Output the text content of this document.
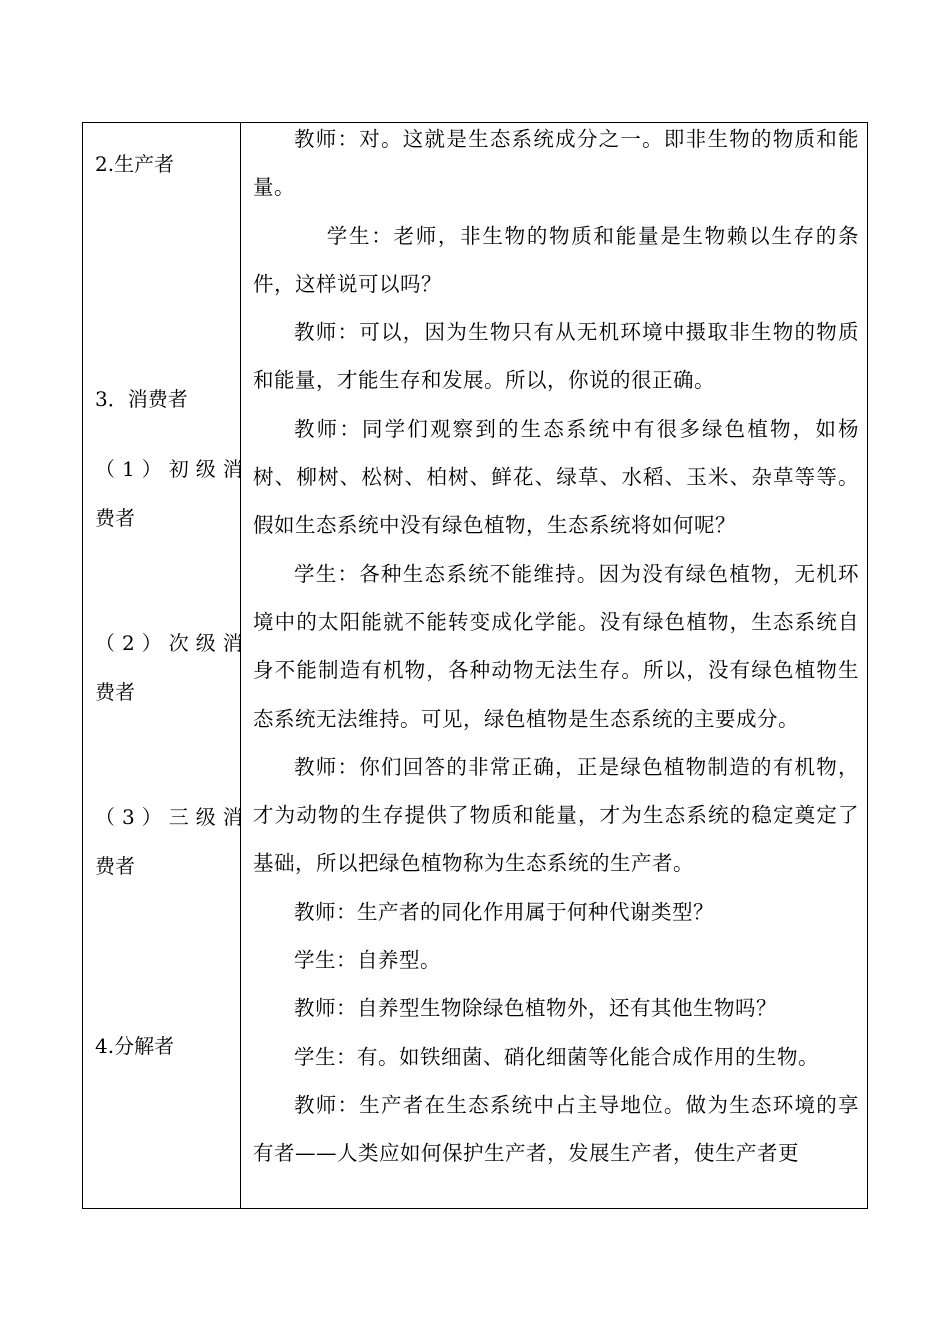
2.生产者
3．消费者
（1）初级消
费者
（2）次级消
费者
（3）三级消
费者
4.分解者

教师：对。这就是生态系统成分之一。即非生物的物质和能量。

学生：老师，非生物的物质和能量是生物赖以生存的条件，这样说可以吗？

教师：可以，因为生物只有从无机环境中摄取非生物的物质和能量，才能生存和发展。所以，你说的很正确。

教师：同学们观察到的生态系统中有很多绿色植物，如杨树、柳树、松树、柏树、鲜花、绿草、水稻、玉米、杂草等等。假如生态系统中没有绿色植物，生态系统将如何呢？

学生：各种生态系统不能维持。因为没有绿色植物，无机环境中的太阳能就不能转变成化学能。没有绿色植物，生态系统自身不能制造有机物，各种动物无法生存。所以，没有绿色植物生态系统无法维持。可见，绿色植物是生态系统的主要成分。

教师：你们回答的非常正确，正是绿色植物制造的有机物，才为动物的生存提供了物质和能量，才为生态系统的稳定奠定了基础，所以把绿色植物称为生态系统的生产者。

教师：生产者的同化作用属于何种代谢类型？

学生：自养型。

教师：自养型生物除绿色植物外，还有其他生物吗？

学生：有。如铁细菌、硝化细菌等化能合成作用的生物。

教师：生产者在生态系统中占主导地位。做为生态环境的享有者——人类应如何保护生产者，发展生产者，使生产者更
